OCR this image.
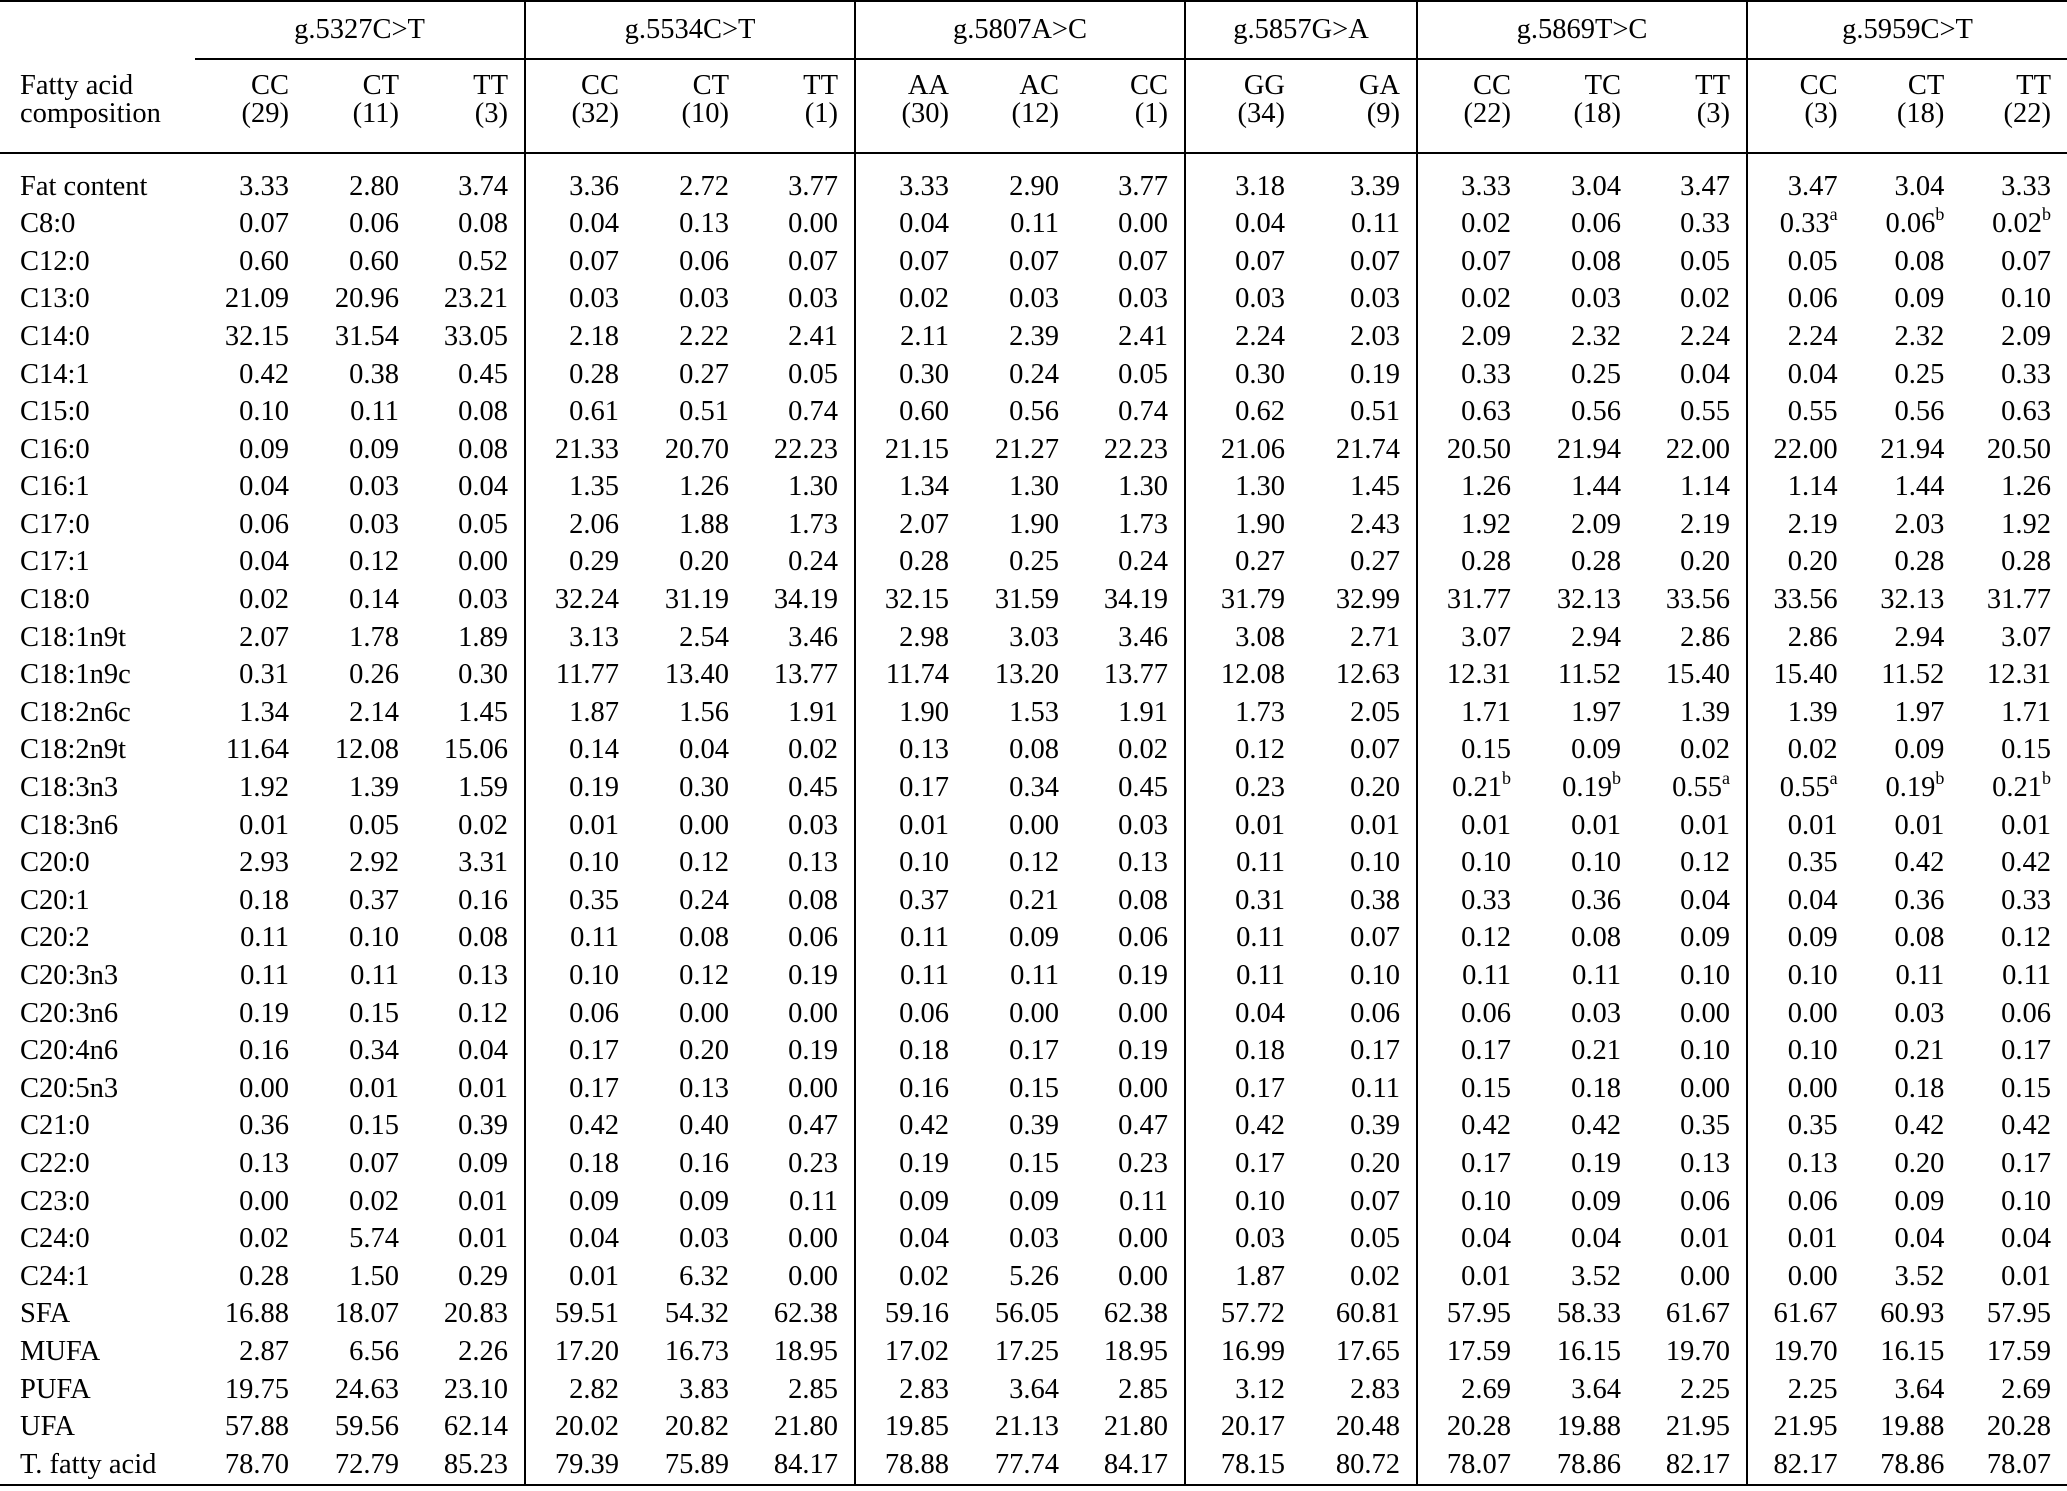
	g.5327C>T			g.5534C>T			g.5807A>C			g.5857G>A		g.5869T>C			g.5959C>T		

Fatty acid	CC	CT	TT	CC	CT	TT	AA	AC	CC	GG	GA	CC	TC	TT	CC	CT	TT
composition	(29)	(11)	(3)	(32)	(10)	(1)	(30)	(12)	(1)	(34)	(9)	(22)	(18)	(3)	(3)	(18)	(22)

Fat content	3.33	2.80	3.74	3.36	2.72	3.77	3.33	2.90	3.77	3.18	3.39	3.33	3.04	3.47	3.47	3.04	3.33
C8:0	0.07	0.06	0.08	0.04	0.13	0.00	0.04	0.11	0.00	0.04	0.11	0.02	0.06	0.33	0.33$^a$	0.06$^b$	0.02$^b$
C12:0	0.60	0.60	0.52	0.07	0.06	0.07	0.07	0.07	0.07	0.07	0.07	0.07	0.08	0.05	0.05	0.08	0.07
C13:0	21.09	20.96	23.21	0.03	0.03	0.03	0.02	0.03	0.03	0.03	0.03	0.02	0.03	0.02	0.06	0.09	0.10
C14:0	32.15	31.54	33.05	2.18	2.22	2.41	2.11	2.39	2.41	2.24	2.03	2.09	2.32	2.24	2.24	2.32	2.09
C14:1	0.42	0.38	0.45	0.28	0.27	0.05	0.30	0.24	0.05	0.30	0.19	0.33	0.25	0.04	0.04	0.25	0.33
C15:0	0.10	0.11	0.08	0.61	0.51	0.74	0.60	0.56	0.74	0.62	0.51	0.63	0.56	0.55	0.55	0.56	0.63
C16:0	0.09	0.09	0.08	21.33	20.70	22.23	21.15	21.27	22.23	21.06	21.74	20.50	21.94	22.00	22.00	21.94	20.50
C16:1	0.04	0.03	0.04	1.35	1.26	1.30	1.34	1.30	1.30	1.30	1.45	1.26	1.44	1.14	1.14	1.44	1.26
C17:0	0.06	0.03	0.05	2.06	1.88	1.73	2.07	1.90	1.73	1.90	2.43	1.92	2.09	2.19	2.19	2.03	1.92
C17:1	0.04	0.12	0.00	0.29	0.20	0.24	0.28	0.25	0.24	0.27	0.27	0.28	0.28	0.20	0.20	0.28	0.28
C18:0	0.02	0.14	0.03	32.24	31.19	34.19	32.15	31.59	34.19	31.79	32.99	31.77	32.13	33.56	33.56	32.13	31.77
C18:1n9t	2.07	1.78	1.89	3.13	2.54	3.46	2.98	3.03	3.46	3.08	2.71	3.07	2.94	2.86	2.86	2.94	3.07
C18:1n9c	0.31	0.26	0.30	11.77	13.40	13.77	11.74	13.20	13.77	12.08	12.63	12.31	11.52	15.40	15.40	11.52	12.31
C18:2n6c	1.34	2.14	1.45	1.87	1.56	1.91	1.90	1.53	1.91	1.73	2.05	1.71	1.97	1.39	1.39	1.97	1.71
C18:2n9t	11.64	12.08	15.06	0.14	0.04	0.02	0.13	0.08	0.02	0.12	0.07	0.15	0.09	0.02	0.02	0.09	0.15
C18:3n3	1.92	1.39	1.59	0.19	0.30	0.45	0.17	0.34	0.45	0.23	0.20	0.21$^b$	0.19$^b$	0.55$^a$	0.55$^a$	0.19$^b$	0.21$^b$
C18:3n6	0.01	0.05	0.02	0.01	0.00	0.03	0.01	0.00	0.03	0.01	0.01	0.01	0.01	0.01	0.01	0.01	0.01
C20:0	2.93	2.92	3.31	0.10	0.12	0.13	0.10	0.12	0.13	0.11	0.10	0.10	0.10	0.12	0.35	0.42	0.42
C20:1	0.18	0.37	0.16	0.35	0.24	0.08	0.37	0.21	0.08	0.31	0.38	0.33	0.36	0.04	0.04	0.36	0.33
C20:2	0.11	0.10	0.08	0.11	0.08	0.06	0.11	0.09	0.06	0.11	0.07	0.12	0.08	0.09	0.09	0.08	0.12
C20:3n3	0.11	0.11	0.13	0.10	0.12	0.19	0.11	0.11	0.19	0.11	0.10	0.11	0.11	0.10	0.10	0.11	0.11
C20:3n6	0.19	0.15	0.12	0.06	0.00	0.00	0.06	0.00	0.00	0.04	0.06	0.06	0.03	0.00	0.00	0.03	0.06
C20:4n6	0.16	0.34	0.04	0.17	0.20	0.19	0.18	0.17	0.19	0.18	0.17	0.17	0.21	0.10	0.10	0.21	0.17
C20:5n3	0.00	0.01	0.01	0.17	0.13	0.00	0.16	0.15	0.00	0.17	0.11	0.15	0.18	0.00	0.00	0.18	0.15
C21:0	0.36	0.15	0.39	0.42	0.40	0.47	0.42	0.39	0.47	0.42	0.39	0.42	0.42	0.35	0.35	0.42	0.42
C22:0	0.13	0.07	0.09	0.18	0.16	0.23	0.19	0.15	0.23	0.17	0.20	0.17	0.19	0.13	0.13	0.20	0.17
C23:0	0.00	0.02	0.01	0.09	0.09	0.11	0.09	0.09	0.11	0.10	0.07	0.10	0.09	0.06	0.06	0.09	0.10
C24:0	0.02	5.74	0.01	0.04	0.03	0.00	0.04	0.03	0.00	0.03	0.05	0.04	0.04	0.01	0.01	0.04	0.04
C24:1	0.28	1.50	0.29	0.01	6.32	0.00	0.02	5.26	0.00	1.87	0.02	0.01	3.52	0.00	0.00	3.52	0.01
SFA	16.88	18.07	20.83	59.51	54.32	62.38	59.16	56.05	62.38	57.72	60.81	57.95	58.33	61.67	61.67	60.93	57.95
MUFA	2.87	6.56	2.26	17.20	16.73	18.95	17.02	17.25	18.95	16.99	17.65	17.59	16.15	19.70	19.70	16.15	17.59
PUFA	19.75	24.63	23.10	2.82	3.83	2.85	2.83	3.64	2.85	3.12	2.83	2.69	3.64	2.25	2.25	3.64	2.69
UFA	57.88	59.56	62.14	20.02	20.82	21.80	19.85	21.13	21.80	20.17	20.48	20.28	19.88	21.95	21.95	19.88	20.28
T. fatty acid	78.70	72.79	85.23	79.39	75.89	84.17	78.88	77.74	84.17	78.15	80.72	78.07	78.86	82.17	82.17	78.86	78.07
